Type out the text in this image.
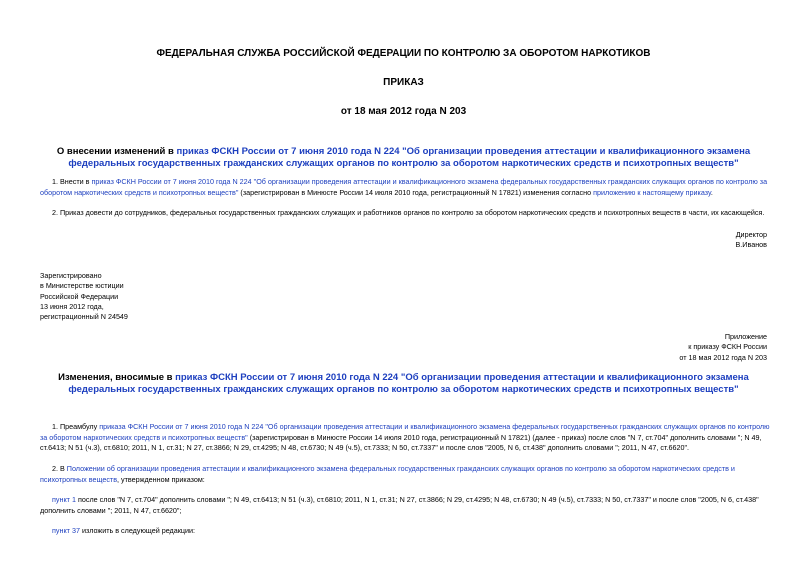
ФЕДЕРАЛЬНАЯ СЛУЖБА РОССИЙСКОЙ ФЕДЕРАЦИИ ПО КОНТРОЛЮ ЗА ОБОРОТОМ НАРКОТИКОВ
ПРИКАЗ
от 18 мая 2012 года N 203
О внесении изменений в приказ ФСКН России от 7 июня 2010 года N 224 "Об организации проведения аттестации и квалификационного экзамена федеральных государственных гражданских служащих органов по контролю за оборотом наркотических средств и психотропных веществ"
1. Внести в приказ ФСКН России от 7 июня 2010 года N 224 "Об организации проведения аттестации и квалификационного экзамена федеральных государственных гражданских служащих органов по контролю за оборотом наркотических средств и психотропных веществ" (зарегистрирован в Минюсте России 14 июля 2010 года, регистрационный N 17821) изменения согласно приложению к настоящему приказу.
2. Приказ довести до сотрудников, федеральных государственных гражданских служащих и работников органов по контролю за оборотом наркотических средств и психотропных веществ в части, их касающейся.
Директор
В.Иванов
Зарегистрировано
в Министерстве юстиции
Российской Федерации
13 июня 2012 года,
регистрационный N 24549
Приложение
к приказу ФСКН России
от 18 мая 2012 года N 203
Изменения, вносимые в приказ ФСКН России от 7 июня 2010 года N 224 "Об организации проведения аттестации и квалификационного экзамена федеральных государственных гражданских служащих органов по контролю за оборотом наркотических средств и психотропных веществ"
1. Преамбулу приказа ФСКН России от 7 июня 2010 года N 224 "Об организации проведения аттестации и квалификационного экзамена федеральных государственных гражданских служащих органов по контролю за оборотом наркотических средств и психотропных веществ" (зарегистрирован в Минюсте России 14 июля 2010 года, регистрационный N 17821) (далее - приказ) после слов "N 7, ст.704" дополнить словами "; N 49, ст.6413; N 51 (ч.3), ст.6810; 2011, N 1, ст.31; N 27, ст.3866; N 29, ст.4295; N 48, ст.6730; N 49 (ч.5), ст.7333; N 50, ст.7337" и после слов "2005, N 6, ст.438" дополнить словами "; 2011, N 47, ст.6620".
2. В Положении об организации проведения аттестации и квалификационного экзамена федеральных государственных гражданских служащих органов по контролю за оборотом наркотических средств и психотропных веществ, утвержденном приказом:
пункт 1 после слов "N 7, ст.704" дополнить словами "; N 49, ст.6413; N 51 (ч.3), ст.6810; 2011, N 1, ст.31; N 27, ст.3866; N 29, ст.4295; N 48, ст.6730; N 49 (ч.5), ст.7333; N 50, ст.7337" и после слов "2005, N 6, ст.438" дополнить словами "; 2011, N 47, ст.6620";
пункт 37 изложить в следующей редакции:
